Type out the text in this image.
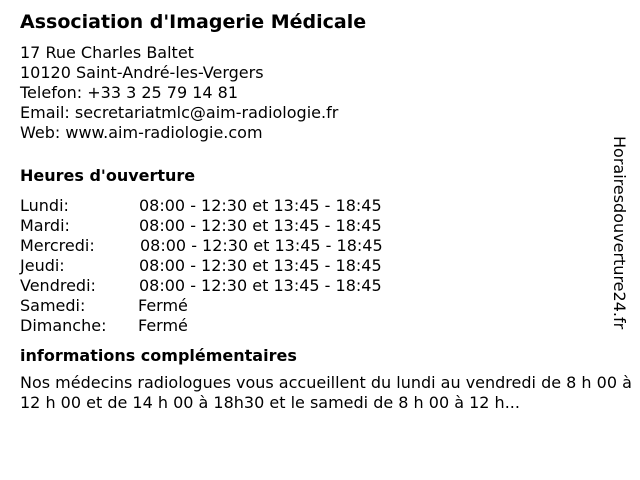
Association d'Imagerie Médicale
17 Rue Charles Baltet
10120 Saint-André-les-Vergers
Telefon: +33 3 25 79 14 81
Email: secretariatmlc@aim-radiologie.fr
Web: www.aim-radiologie.com
Heures d'ouverture
Lundi:	08:00 - 12:30 et 13:45 - 18:45
Mardi:	08:00 - 12:30 et 13:45 - 18:45
Mercredi:	08:00 - 12:30 et 13:45 - 18:45
Jeudi:	08:00 - 12:30 et 13:45 - 18:45
Vendredi:	08:00 - 12:30 et 13:45 - 18:45
Samedi:	Fermé
Dimanche: Fermé
informations complémentaires
Nos médecins radiologues vous accueillent du lundi au vendredi de 8 h 00 à 12 h 00 et de 14 h 00 à 18h30 et le samedi de 8 h 00 à 12 h...
Horairesdouverture24.fr
